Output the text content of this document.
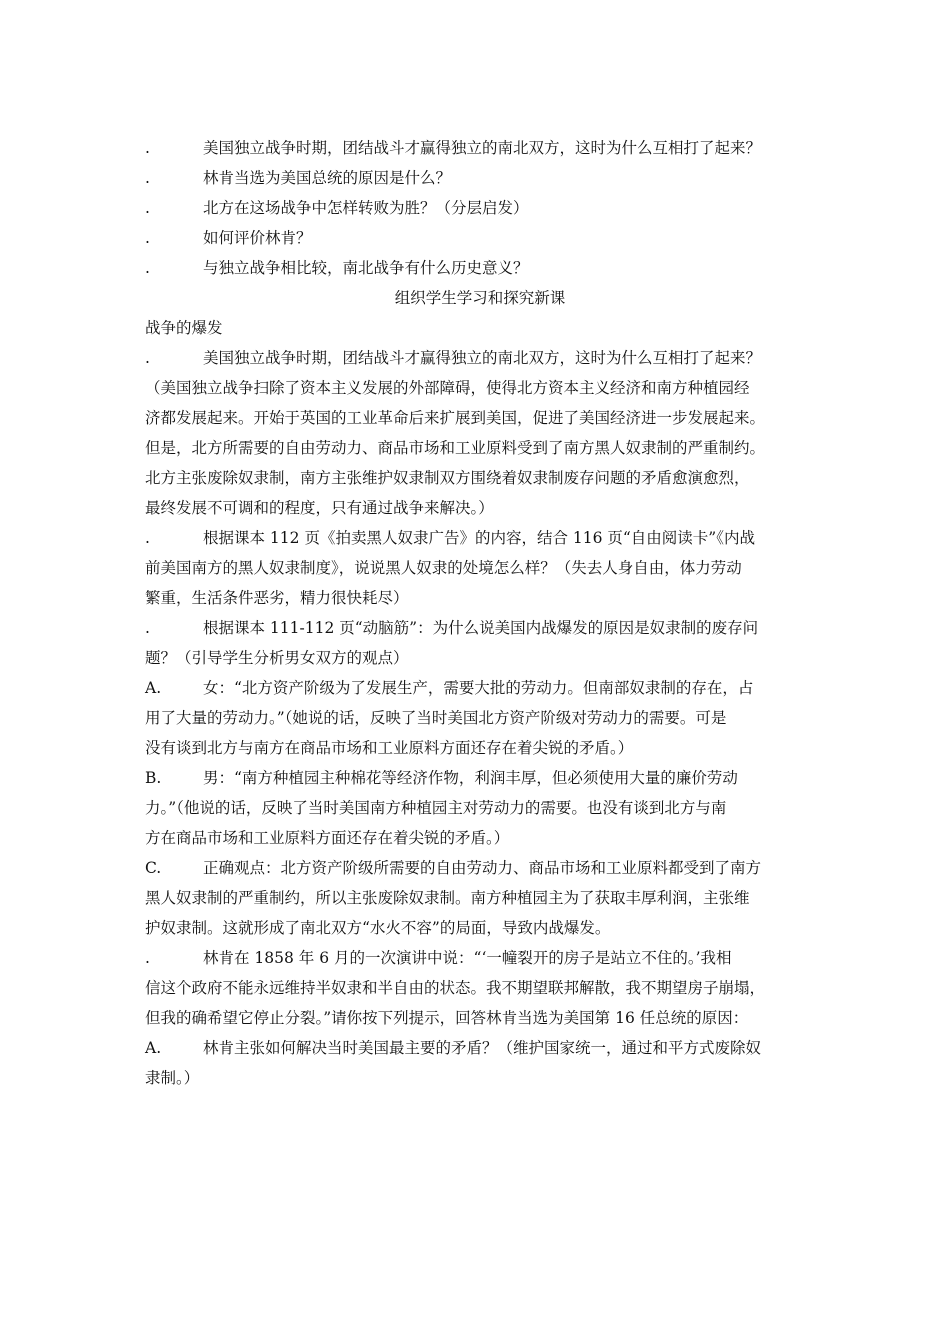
.	美国独立战争时期，团结战斗才赢得独立的南北双方，这时为什么互相打了起来？
.	林肯当选为美国总统的原因是什么？
.	北方在这场战争中怎样转败为胜？（分层启发）
.	如何评价林肯？
.	与独立战争相比较，南北战争有什么历史意义？
组织学生学习和探究新课
战争的爆发
.	美国独立战争时期，团结战斗才赢得独立的南北双方，这时为什么互相打了起来？
（美国独立战争扫除了资本主义发展的外部障碍，使得北方资本主义经济和南方种植园经
济都发展起来。开始于英国的工业革命后来扩展到美国，促进了美国经济进一步发展起来。
但是，北方所需要的自由劳动力、商品市场和工业原料受到了南方黑人奴隶制的严重制约。
北方主张废除奴隶制，南方主张维护奴隶制双方围绕着奴隶制废存问题的矛盾愈演愈烈，
最终发展不可调和的程度，只有通过战争来解决。）
.	根据课本 112 页《拍卖黑人奴隶广告》的内容，结合 116 页“自由阅读卡”《内战
前美国南方的黑人奴隶制度》，说说黑人奴隶的处境怎么样？（失去人身自由，体力劳动
繁重，生活条件恶劣，精力很快耗尽）
.	根据课本 111-112 页“动脑筋”：为什么说美国内战爆发的原因是奴隶制的废存问
题？（引导学生分析男女双方的观点）
A.	女：“北方资产阶级为了发展生产，需要大批的劳动力。但南部奴隶制的存在，占
用了大量的劳动力。”（她说的话，反映了当时美国北方资产阶级对劳动力的需要。可是
没有谈到北方与南方在商品市场和工业原料方面还存在着尖锐的矛盾。）
B.	男：“南方种植园主种棉花等经济作物，利润丰厚，但必须使用大量的廉价劳动
力。”（他说的话，反映了当时美国南方种植园主对劳动力的需要。也没有谈到北方与南
方在商品市场和工业原料方面还存在着尖锐的矛盾。）
C.	正确观点：北方资产阶级所需要的自由劳动力、商品市场和工业原料都受到了南方
黑人奴隶制的严重制约，所以主张废除奴隶制。南方种植园主为了获取丰厚利润，主张维
护奴隶制。这就形成了南北双方“水火不容”的局面，导致内战爆发。
.	林肯在 1858 年 6 月的一次演讲中说：“‘一幢裂开的房子是站立不住的。’我相
信这个政府不能永远维持半奴隶和半自由的状态。我不期望联邦解散，我不期望房子崩塌，
但我的确希望它停止分裂。”请你按下列提示，回答林肯当选为美国第 16 任总统的原因：
A.	林肯主张如何解决当时美国最主要的矛盾？（维护国家统一，通过和平方式废除奴
隶制。）
